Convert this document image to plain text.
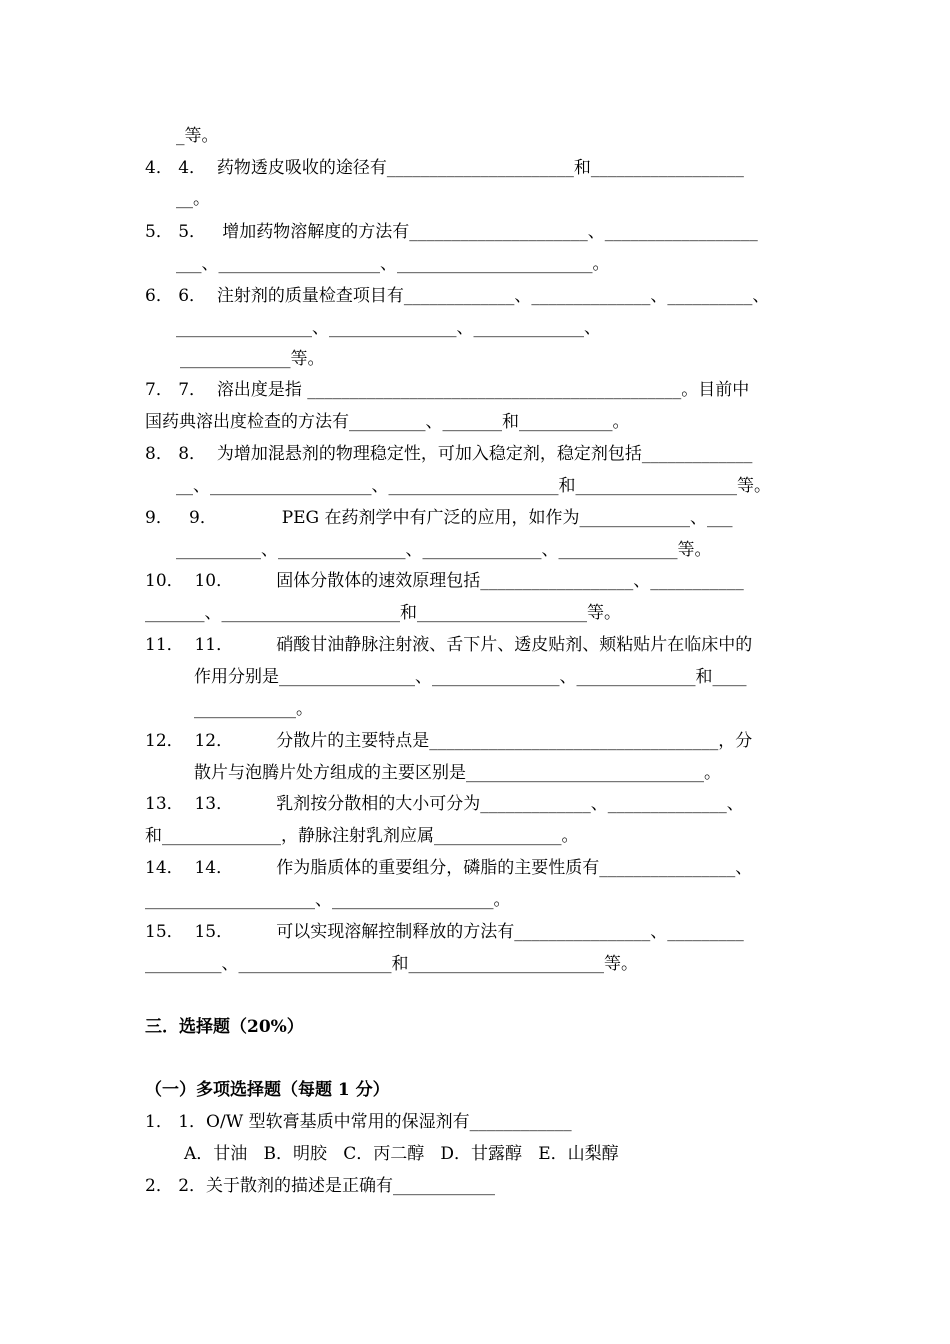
_等。
4． 4．  药物透皮吸收的途径有______________________和__________________
__。
5． 5．   增加药物溶解度的方法有_____________________、__________________
___、___________________、_______________________。
6． 6．  注射剂的质量检查项目有_____________、______________、__________、
________________、_______________、_____________、
_____________等。
7． 7．  溶出度是指 ____________________________________________。目前中
国药典溶出度检查的方法有_________、_______和___________。
8． 8．  为增加混悬剂的物理稳定性，可加入稳定剂，稳定剂包括_____________
__、___________________、____________________和___________________等。
9．   9．            PEG 在药剂学中有广泛的应用，如作为_____________、___
__________、_______________、______________、______________等。
10．  10．        固体分散体的速效原理包括__________________、___________
_______、_____________________和____________________等。
11．  11．        硝酸甘油静脉注射液、舌下片、透皮贴剂、颊粘贴片在临床中的
作用分别是________________、_______________、______________和____
____________。
12．  12．        分散片的主要特点是__________________________________，分
散片与泡腾片处方组成的主要区别是____________________________。
13．  13．        乳剂按分散相的大小可分为_____________、______________、
和______________，静脉注射乳剂应属_______________。
14．  14．        作为脂质体的重要组分，磷脂的主要性质有________________、
____________________、___________________。
15．  15．        可以实现溶解控制释放的方法有________________、_________
_________、__________________和_______________________等。
三．选择题（20%）
（一）多项选择题（每题 1 分）
1． 1．O/W 型软膏基质中常用的保湿剂有____________
A．甘油   B．明胶   C．丙二醇   D．甘露醇   E．山梨醇
2． 2．关于散剂的描述是正确有____________
